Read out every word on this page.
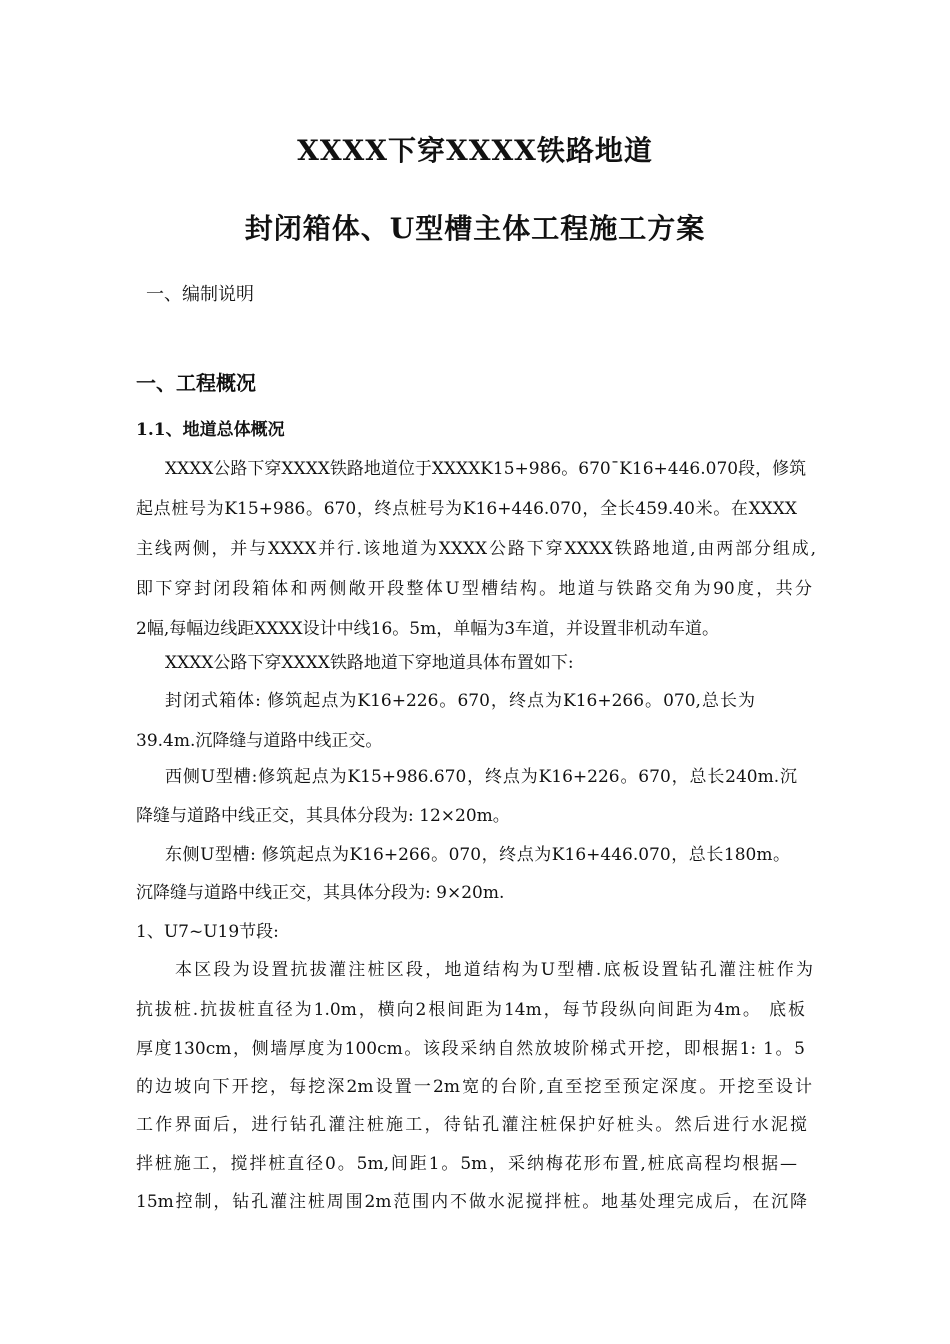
XXXX下穿XXXX铁路地道
封闭箱体、U型槽主体工程施工方案
一、编制说明
一、工程概况
1.1、地道总体概况
XXXX公路下穿XXXX铁路地道位于XXXXK15+986。670¯K16+446.070段，修筑
起点桩号为K15+986。670，终点桩号为K16+446.070，全长459.40米。在XXXX
主线两侧，并与XXXX并行.该地道为XXXX公路下穿XXXX铁路地道,由两部分组成,
即下穿封闭段箱体和两侧敞开段整体U型槽结构。地道与铁路交角为90度，共分
2幅,每幅边线距XXXX设计中线16。5m，单幅为3车道，并设置非机动车道。
XXXX公路下穿XXXX铁路地道下穿地道具体布置如下:
封闭式箱体: 修筑起点为K16+226。670，终点为K16+266。070,总长为
39.4m.沉降缝与道路中线正交。
西侧U型槽:修筑起点为K15+986.670，终点为K16+226。670，总长240m.沉
降缝与道路中线正交，其具体分段为: 12×20m。
东侧U型槽: 修筑起点为K16+266。070，终点为K16+446.070，总长180m。
沉降缝与道路中线正交，其具体分段为: 9×20m.
1、U7~U19节段:
本区段为设置抗拔灌注桩区段，地道结构为U型槽.底板设置钻孔灌注桩作为
抗拔桩.抗拔桩直径为1.0m，横向2根间距为14m，每节段纵向间距为4m。 底板
厚度130cm，侧墙厚度为100cm。该段采纳自然放坡阶梯式开挖，即根据1: 1。5
的边坡向下开挖，每挖深2m设置一2m宽的台阶,直至挖至预定深度。开挖至设计
工作界面后，进行钻孔灌注桩施工，待钻孔灌注桩保护好桩头。然后进行水泥搅
拌桩施工，搅拌桩直径0。5m,间距1。5m，采纳梅花形布置,桩底高程均根据—
15m控制，钻孔灌注桩周围2m范围内不做水泥搅拌桩。地基处理完成后，在沉降
